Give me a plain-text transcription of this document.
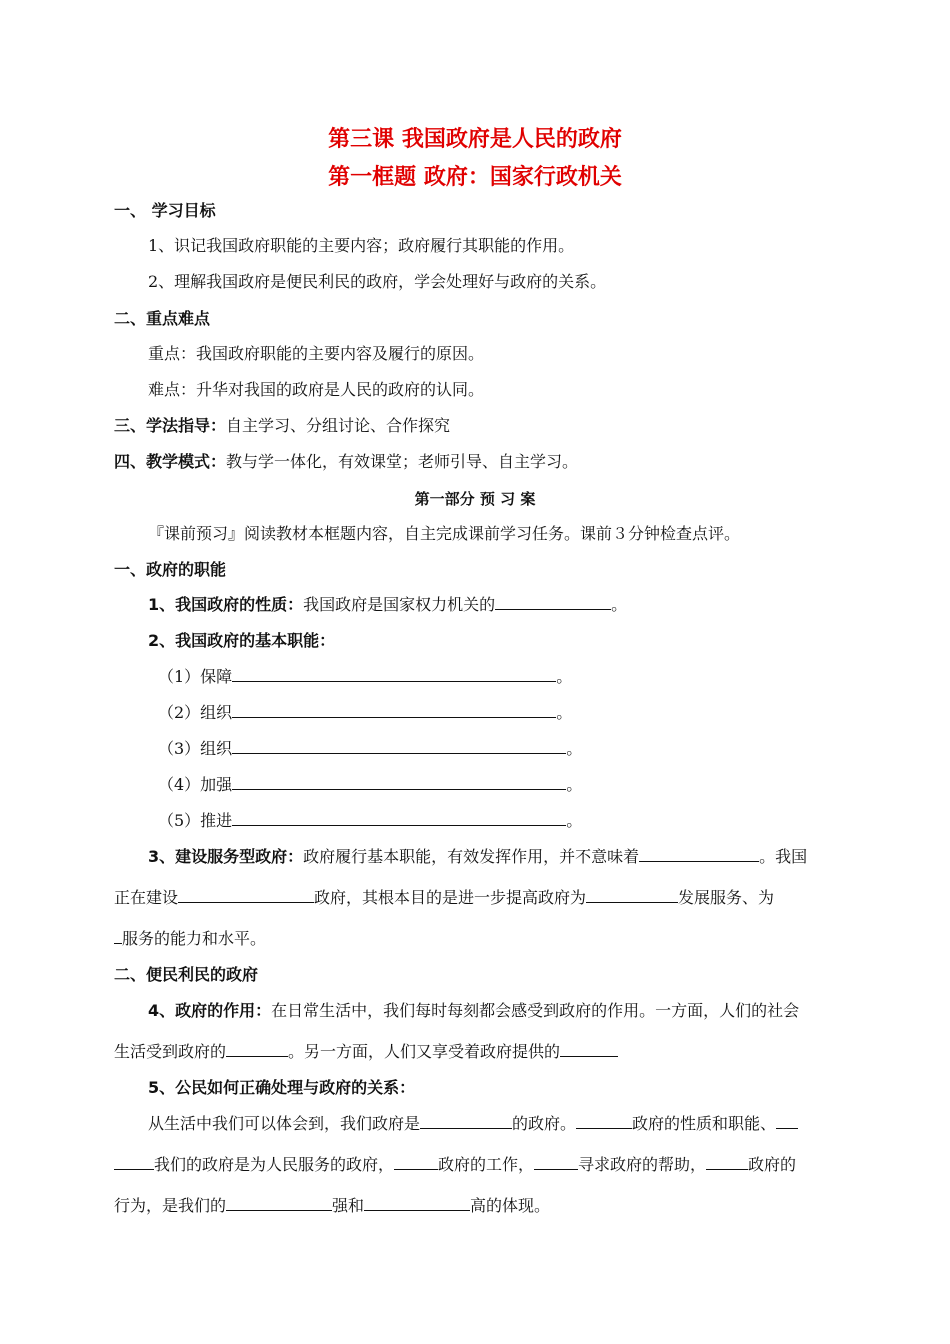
第三课 我国政府是人民的政府
第一框题 政府：国家行政机关
一、 学习目标
1、识记我国政府职能的主要内容；政府履行其职能的作用。
2、理解我国政府是便民利民的政府，学会处理好与政府的关系。
二、重点难点
重点：我国政府职能的主要内容及履行的原因。
难点：升华对我国的政府是人民的政府的认同。
三、学法指导：自主学习、分组讨论、合作探究
四、教学模式：教与学一体化，有效课堂；老师引导、自主学习。
第一部分 预 习 案
『课前预习』阅读教材本框题内容，自主完成课前学习任务。课前３分钟检查点评。
一、政府的职能
1、我国政府的性质：我国政府是国家权力机关的	。
2、我国政府的基本职能：
（1）保障	。
（2）组织	。
（3）组织	。
（4）加强	。
（5）推进	。
3、建设服务型政府：政府履行基本职能，有效发挥作用，并不意味着	。我国
正在建设	政府，其根本目的是进一步提高政府为	发展服务、为
服务的能力和水平。
二、便民利民的政府
4、政府的作用：在日常生活中，我们每时每刻都会感受到政府的作用。一方面，人们的社会
生活受到政府的	。另一方面，人们又享受着政府提供的
5、公民如何正确处理与政府的关系：
从生活中我们可以体会到，我们政府是	的政府。	政府的性质和职能、
我们的政府是为人民服务的政府，	政府的工作，	寻求政府的帮助，	政府的
行为，是我们的	强和	高的体现。
